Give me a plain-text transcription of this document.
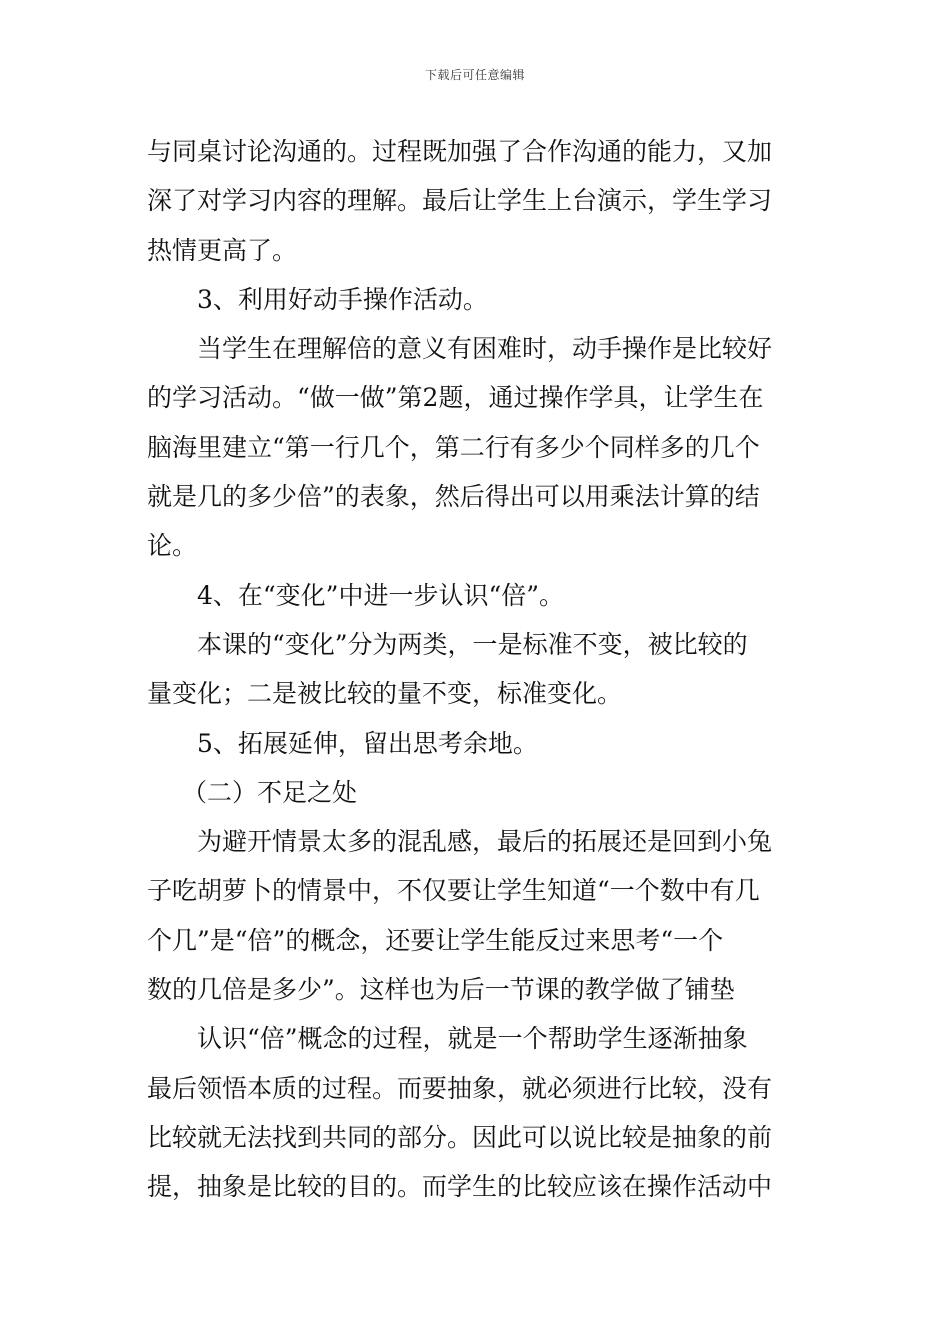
下载后可任意编辑
与同桌讨论沟通的。过程既加强了合作沟通的能力，又加
深了对学习内容的理解。最后让学生上台演示，学生学习
热情更高了。
3、利用好动手操作活动。
当学生在理解倍的意义有困难时，动手操作是比较好
的学习活动。“做一做”第2题，通过操作学具，让学生在
脑海里建立“第一行几个，第二行有多少个同样多的几个
就是几的多少倍”的表象，然后得出可以用乘法计算的结
论。
4、在“变化”中进一步认识“倍”。
本课的“变化”分为两类，一是标准不变，被比较的
量变化；二是被比较的量不变，标准变化。
5、拓展延伸，留出思考余地。
（二）不足之处
为避开情景太多的混乱感，最后的拓展还是回到小兔
子吃胡萝卜的情景中，不仅要让学生知道“一个数中有几
个几”是“倍”的概念，还要让学生能反过来思考“一个
数的几倍是多少”。这样也为后一节课的教学做了铺垫
认识“倍”概念的过程，就是一个帮助学生逐渐抽象
最后领悟本质的过程。而要抽象，就必须进行比较，没有
比较就无法找到共同的部分。因此可以说比较是抽象的前
提，抽象是比较的目的。而学生的比较应该在操作活动中
